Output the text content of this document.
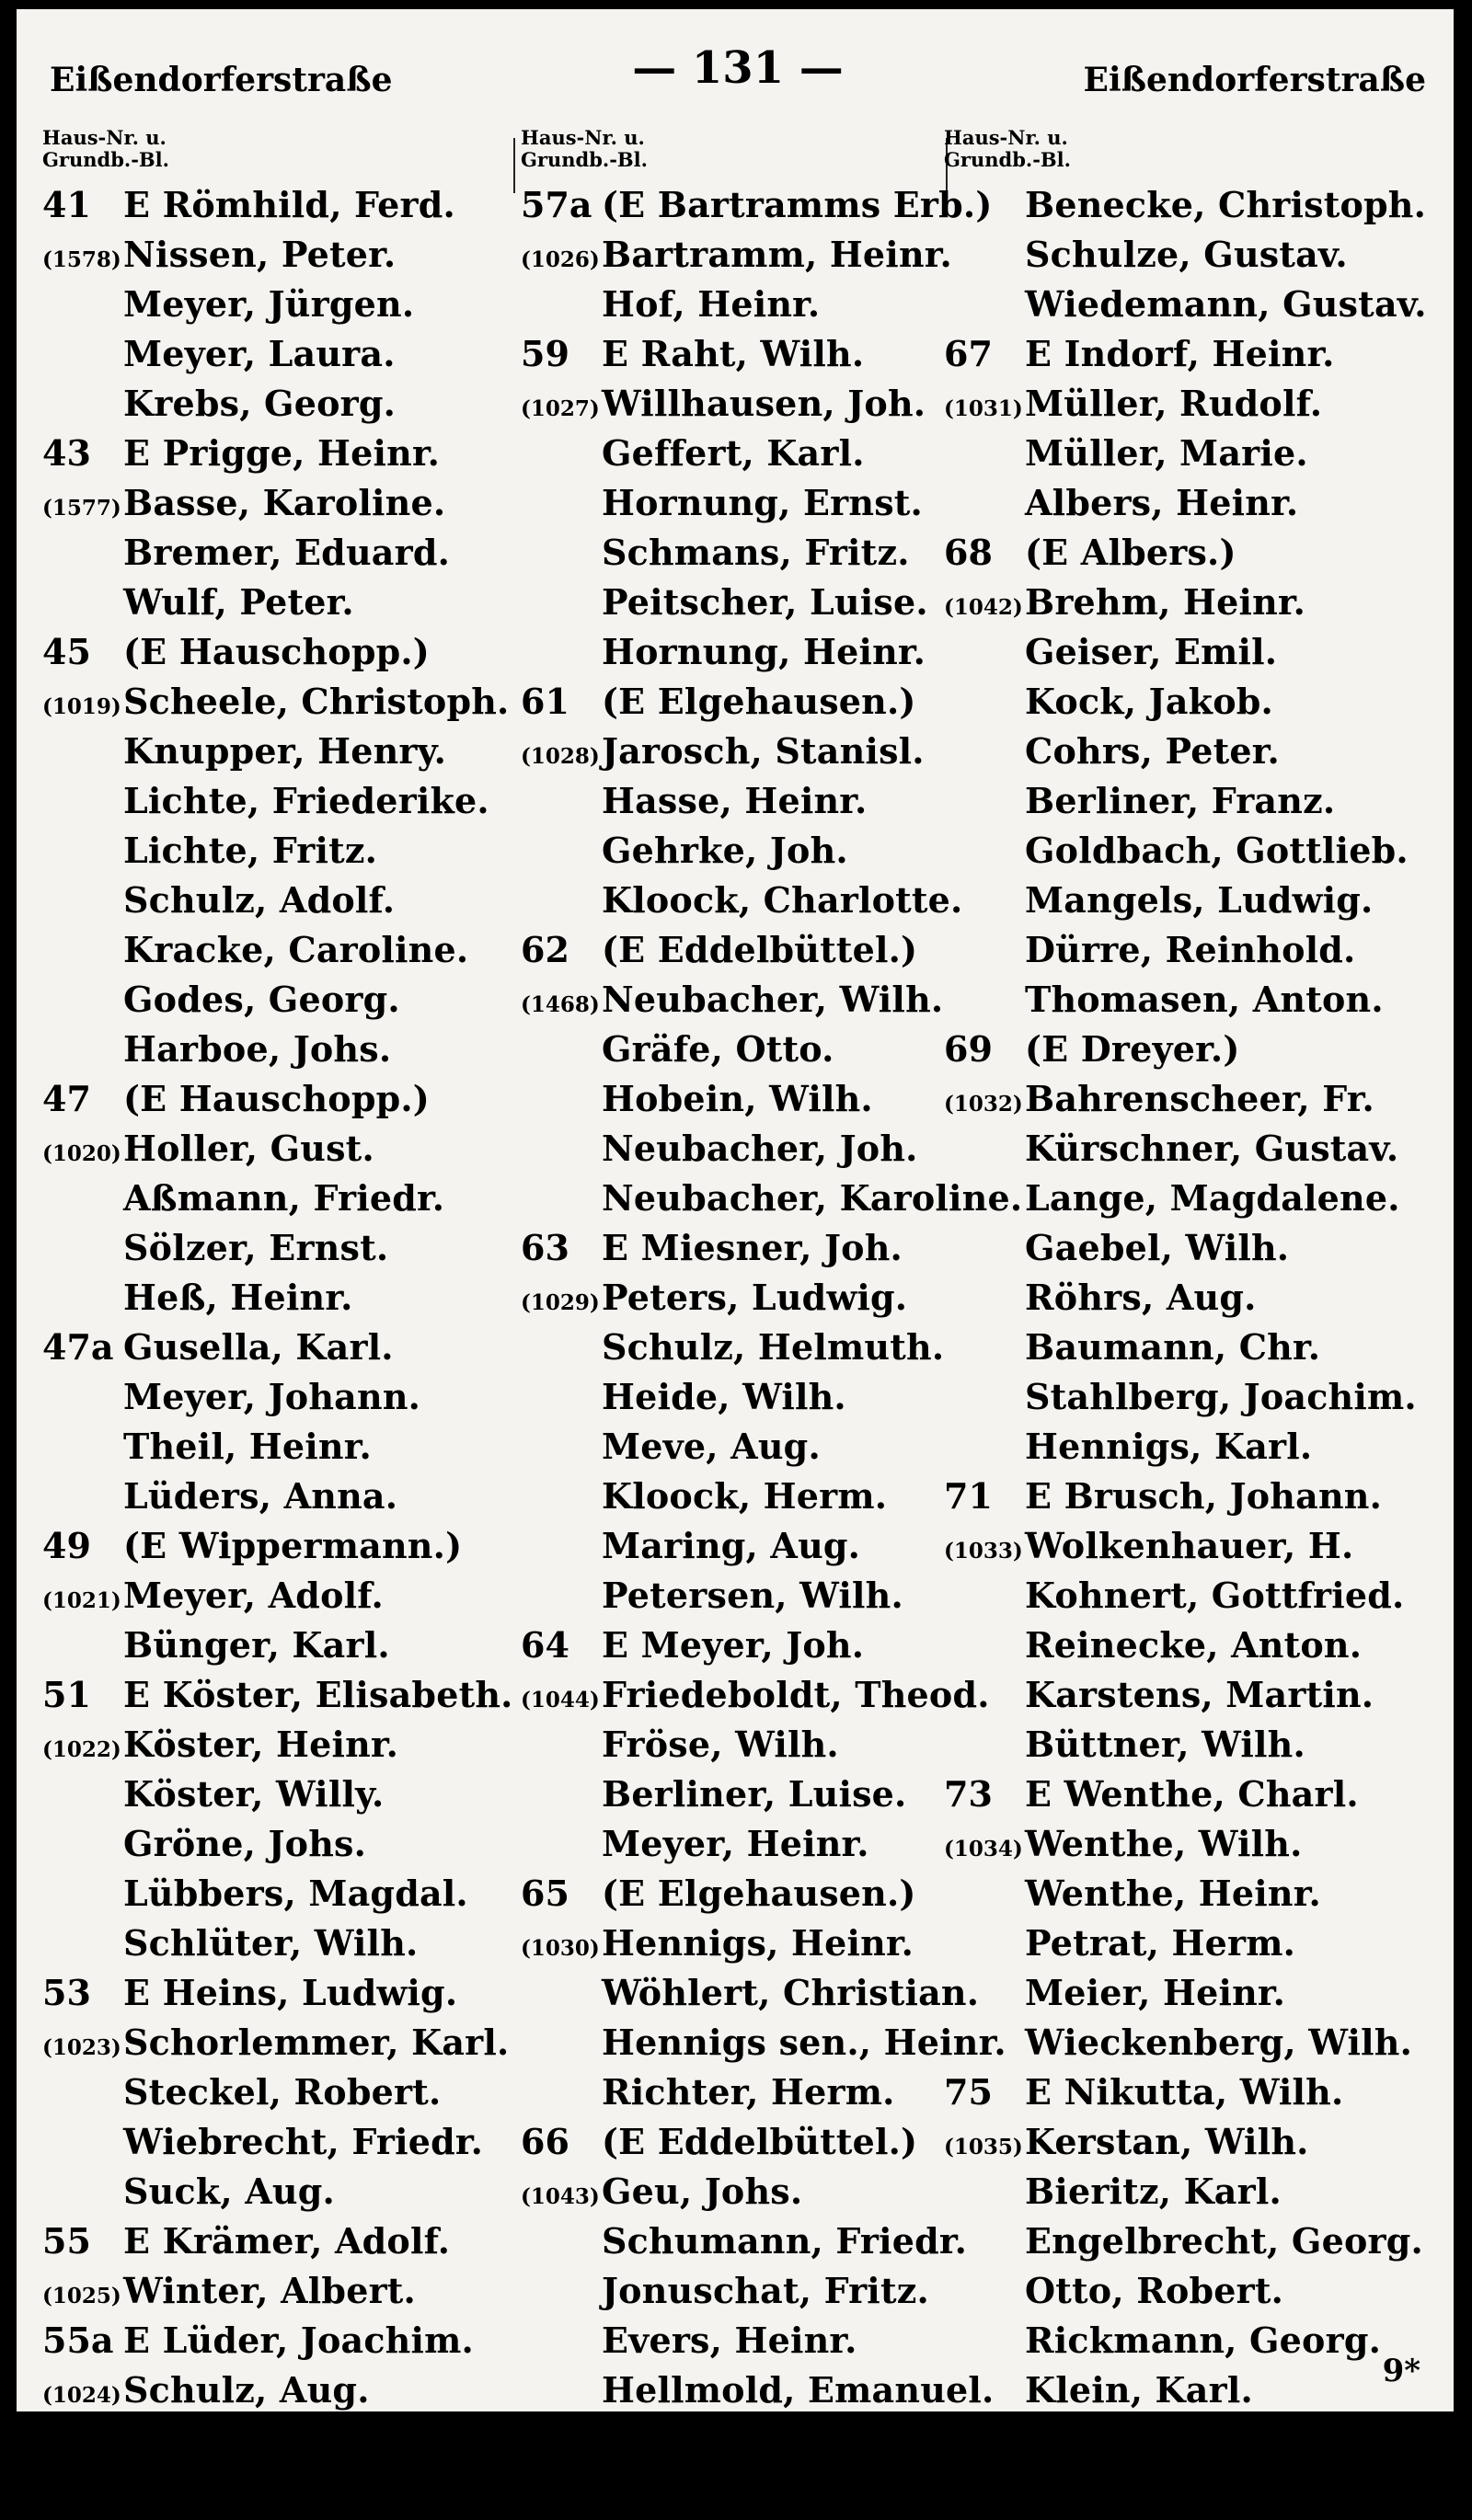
Eißendorferstraße	— 131 —	Eißendorferstraße
Haus-Nr. u.
Grundb.-Bl.
41 E Römhild, Ferd.
(1578) Nissen, Peter.
Meyer, Jürgen.
Meyer, Laura.
Krebs, Georg.
43 E Prigge, Heinr.
(1577) Basse, Karoline.
Bremer, Eduard.
Wulf, Peter.
45 (E Hauschopp.)
(1019) Scheele, Christoph.
Knupper, Henry.
Lichte, Friederike.
Lichte, Fritz.
Schulz, Adolf.
Kracke, Caroline.
Godes, Georg.
Harboe, Johs.
47 (E Hauschopp.)
(1020) Holler, Gust.
Aßmann, Friedr.
Sölzer, Ernst.
Heß, Heinr.
47a Gusella, Karl.
Meyer, Johann.
Theil, Heinr.
Lüders, Anna.
49 (E Wippermann.)
(1021) Meyer, Adolf.
Bünger, Karl.
51 E Köster, Elisabeth.
(1022) Köster, Heinr.
Köster, Willy.
Gröne, Johs.
Lübbers, Magdal.
Schlüter, Wilh.
53 E Heins, Ludwig.
(1023) Schorlemmer, Karl.
Steckel, Robert.
Wiebrecht, Friedr.
Suck, Aug.
55 E Krämer, Adolf.
(1025) Winter, Albert.
55a E Lüder, Joachim.
(1024) Schulz, Aug.
Haus-Nr. u.
Grundb.-Bl.
57a (E Bartramms Erb.)
(1026) Bartramm, Heinr.
Hof, Heinr.
59 E Raht, Wilh.
(1027) Willhausen, Joh.
Geffert, Karl.
Hornung, Ernst.
Schmans, Fritz.
Peitscher, Luise.
Hornung, Heinr.
61 (E Elgehausen.)
(1028) Jarosch, Stanisl.
Hasse, Heinr.
Gehrke, Joh.
Kloock, Charlotte.
62 (E Eddelbüttel.)
(1468) Neubacher, Wilh.
Gräfe, Otto.
Hobein, Wilh.
Neubacher, Joh.
Neubacher, Karoline.
63 E Miesner, Joh.
(1029) Peters, Ludwig.
Schulz, Helmuth.
Heide, Wilh.
Meve, Aug.
Kloock, Herm.
Maring, Aug.
Petersen, Wilh.
64 E Meyer, Joh.
(1044) Friedeboldt, Theod.
Fröse, Wilh.
Berliner, Luise.
Meyer, Heinr.
65 (E Elgehausen.)
(1030) Hennigs, Heinr.
Wöhlert, Christian.
Hennigs sen., Heinr.
Richter, Herm.
66 (E Eddelbüttel.)
(1043) Geu, Johs.
Schumann, Friedr.
Jonuschat, Fritz.
Evers, Heinr.
Hellmold, Emanuel.
Armbrecht, Joh.
Haus-Nr. u.
Grundb.-Bl.
Benecke, Christoph.
Schulze, Gustav.
Wiedemann, Gustav.
67 E Indorf, Heinr.
(1031) Müller, Rudolf.
Müller, Marie.
Albers, Heinr.
68 (E Albers.)
(1042) Brehm, Heinr.
Geiser, Emil.
Kock, Jakob.
Cohrs, Peter.
Berliner, Franz.
Goldbach, Gottlieb.
Mangels, Ludwig.
Dürre, Reinhold.
Thomasen, Anton.
69 (E Dreyer.)
(1032) Bahrenscheer, Fr.
Kürschner, Gustav.
Lange, Magdalene.
Gaebel, Wilh.
Röhrs, Aug.
Baumann, Chr.
Stahlberg, Joachim.
Hennigs, Karl.
71 E Brusch, Johann.
(1033) Wolkenhauer, H.
Kohnert, Gottfried.
Reinecke, Anton.
Karstens, Martin.
Büttner, Wilh.
73 E Wenthe, Charl.
(1034) Wenthe, Wilh.
Wenthe, Heinr.
Petrat, Herm.
Meier, Heinr.
Wieckenberg, Wilh.
75 E Nikutta, Wilh.
(1035) Kerstan, Wilh.
Bieritz, Karl.
Engelbrecht, Georg.
Otto, Robert.
Rickmann, Georg.
Klein, Karl.
77 E Schwartau, Hr.
(1036) Höffken, Aug.
9*
